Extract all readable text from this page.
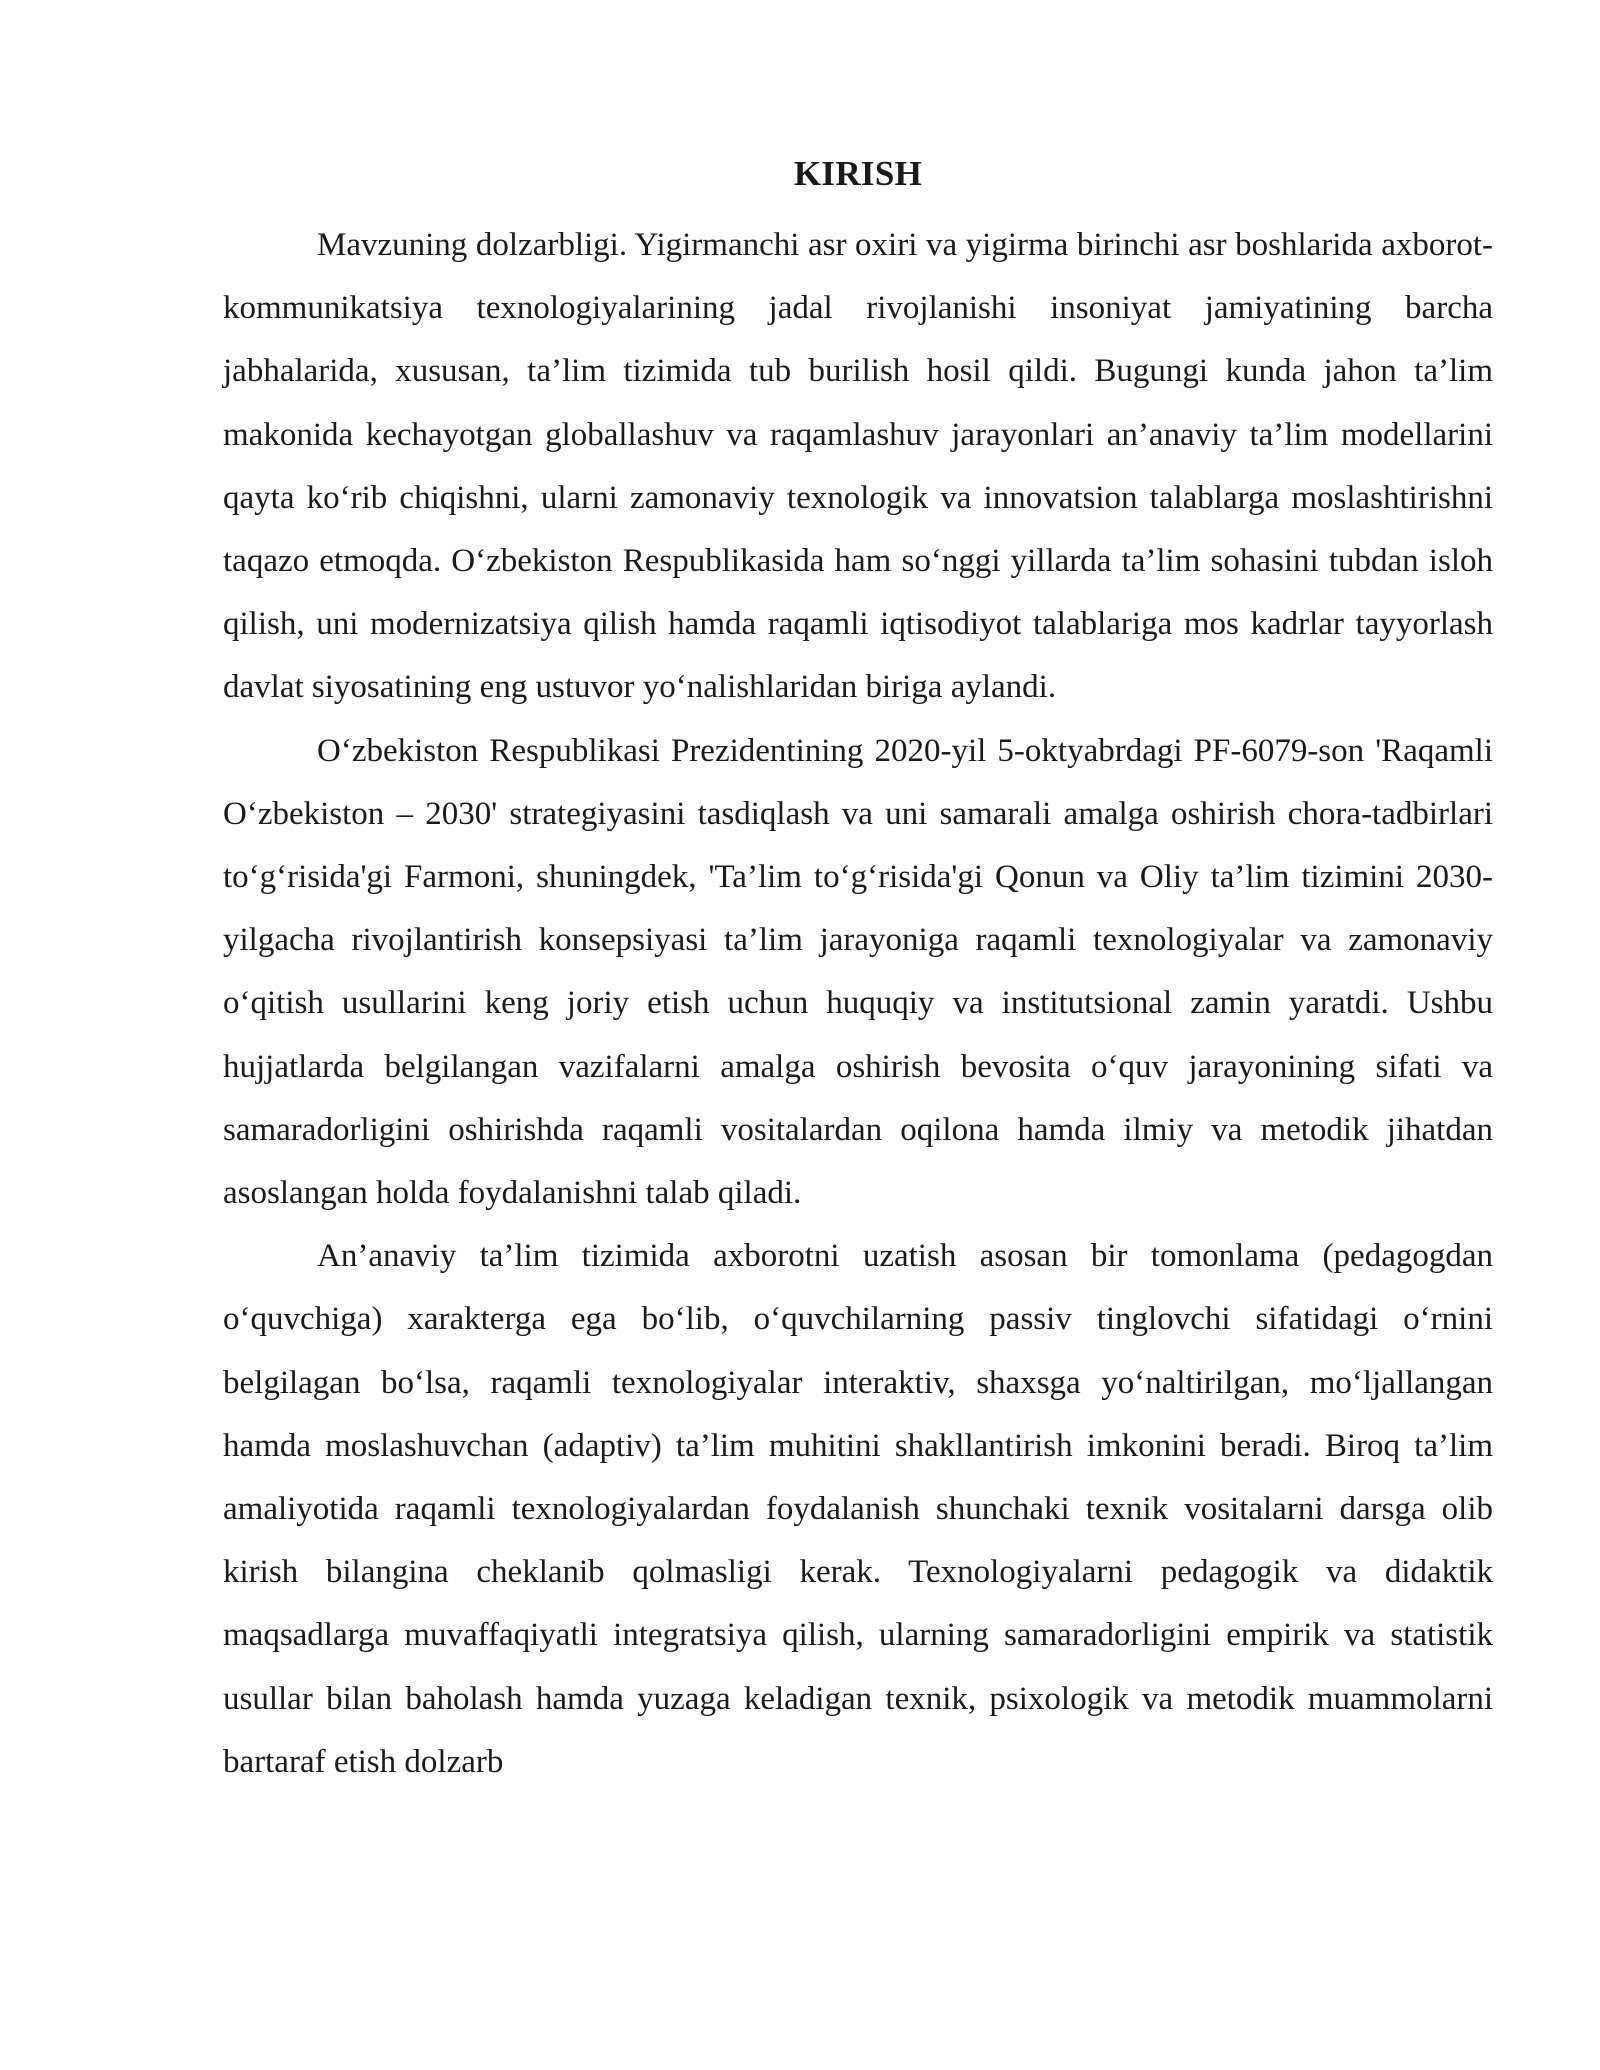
KIRISH

Mavzuning dolzarbligi. Yigirmanchi asr oxiri va yigirma birinchi asr boshlarida axborot-kommunikatsiya texnologiyalarining jadal rivojlanishi insoniyat jamiyatining barcha jabhalarida, xususan, ta’lim tizimida tub burilish hosil qildi. Bugungi kunda jahon ta’lim makonida kechayotgan globallashuv va raqamlashuv jarayonlari an’anaviy ta’lim modellarini qayta ko‘rib chiqishni, ularni zamonaviy texnologik va innovatsion talablarga moslashtirishni taqazo etmoqda. O‘zbekiston Respublikasida ham so‘nggi yillarda ta’lim sohasini tubdan isloh qilish, uni modernizatsiya qilish hamda raqamli iqtisodiyot talablariga mos kadrlar tayyorlash davlat siyosatining eng ustuvor yo‘nalishlaridan biriga aylandi.

O‘zbekiston Respublikasi Prezidentining 2020-yil 5-oktyabrdagi PF-6079-son 'Raqamli O‘zbekiston – 2030' strategiyasini tasdiqlash va uni samarali amalga oshirish chora-tadbirlari to‘g‘risida'gi Farmoni, shuningdek, 'Ta’lim to‘g‘risida'gi Qonun va Oliy ta’lim tizimini 2030-yilgacha rivojlantirish konsepsiyasi ta’lim jarayoniga raqamli texnologiyalar va zamonaviy o‘qitish usullarini keng joriy etish uchun huquqiy va institutsional zamin yaratdi. Ushbu hujjatlarda belgilangan vazifalarni amalga oshirish bevosita o‘quv jarayonining sifati va samaradorligini oshirishda raqamli vositalardan oqilona hamda ilmiy va metodik jihatdan asoslangan holda foydalanishni talab qiladi.

An’anaviy ta’lim tizimida axborotni uzatish asosan bir tomonlama (pedagogdan o‘quvchiga) xarakterga ega bo‘lib, o‘quvchilarning passiv tinglovchi sifatidagi o‘rnini belgilagan bo‘lsa, raqamli texnologiyalar interaktiv, shaxsga yo‘naltirilgan, mo‘ljallangan hamda moslashuvchan (adaptiv) ta’lim muhitini shakllantirish imkonini beradi. Biroq ta’lim amaliyotida raqamli texnologiyalardan foydalanish shunchaki texnik vositalarni darsga olib kirish bilangina cheklanib qolmasligi kerak. Texnologiyalarni pedagogik va didaktik maqsadlarga muvaffaqiyatli integratsiya qilish, ularning samaradorligini empirik va statistik usullar bilan baholash hamda yuzaga keladigan texnik, psixologik va metodik muammolarni bartaraf etish dolzarb
